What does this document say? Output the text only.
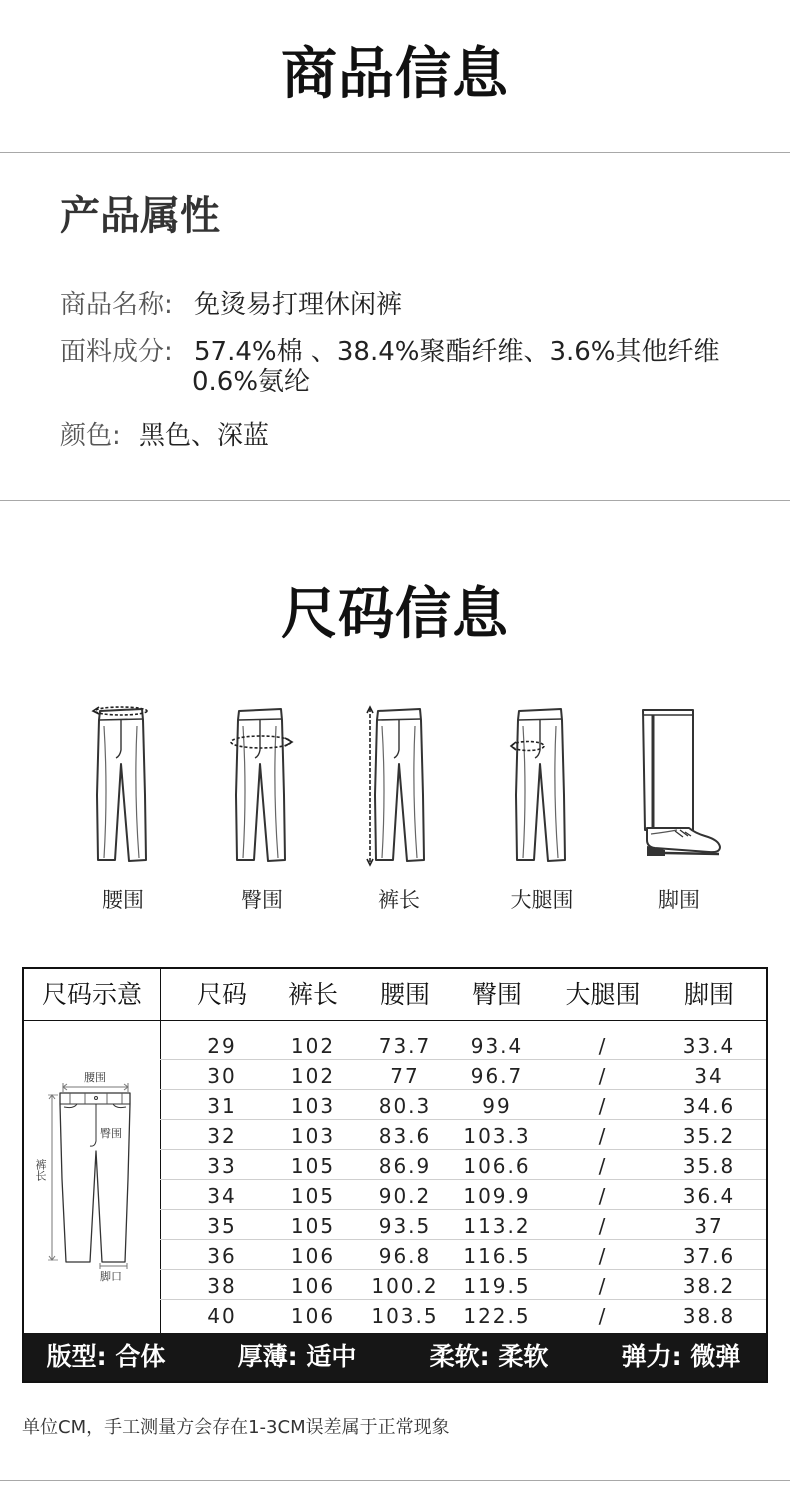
商品信息
产品属性
商品名称: 免烫易打理休闲裤
面料成分: 57.4%棉 、38.4%聚酯纤维、3.6%其他纤维
0.6%氨纶
颜色: 黑色、深蓝
尺码信息
腰围	臀围	裤长	大腿围	脚围
尺码示意	尺码	裤长	腰围	臀围	大腿围	脚围
腰围
臀围
裤长
脚口
29	102	73.7	93.4	/	33.4
30	102	77	96.7	/	34
31	103	80.3	99	/	34.6
32	103	83.6	103.3	/	35.2
33	105	86.9	106.6	/	35.8
34	105	90.2	109.9	/	36.4
35	105	93.5	113.2	/	37
36	106	96.8	116.5	/	37.6
38	106	100.2	119.5	/	38.2
40	106	103.5	122.5	/	38.8
版型: 合体	厚薄: 适中	柔软: 柔软	弹力: 微弹
单位CM，手工测量方会存在1-3CM误差属于正常现象
